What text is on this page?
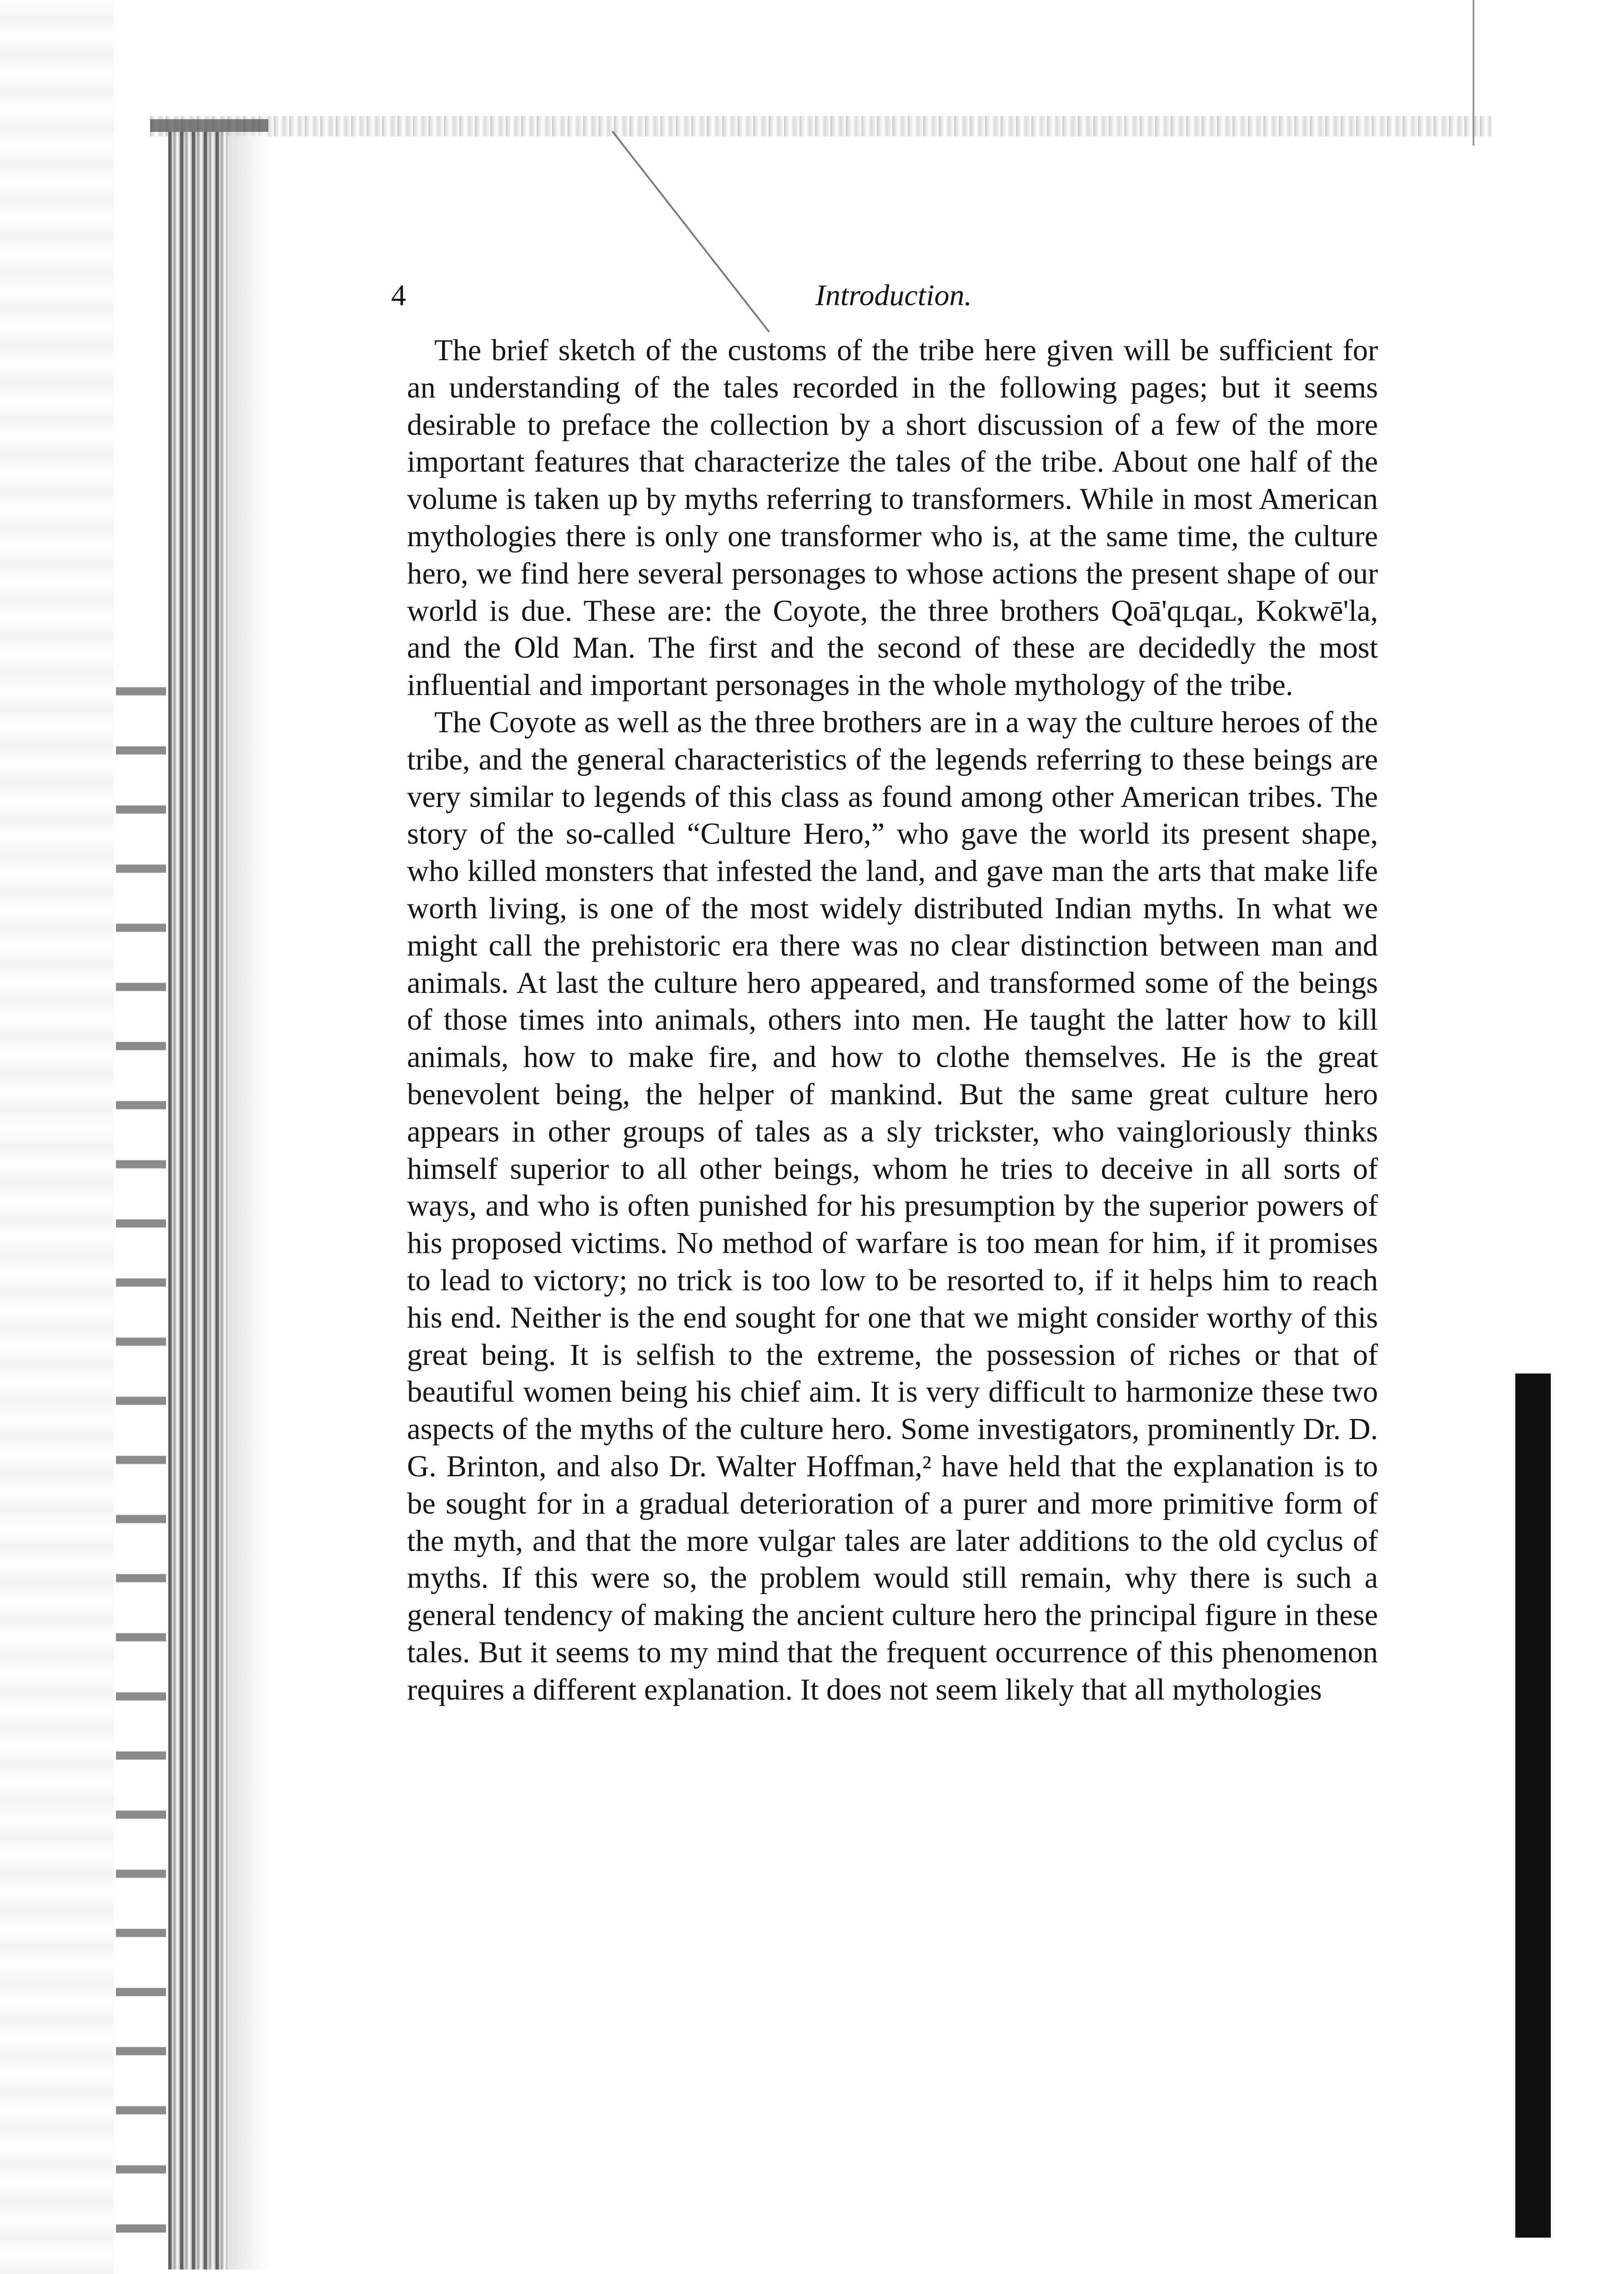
4	Introduction.

The brief sketch of the customs of the tribe here given will be sufficient for an understanding of the tales recorded in the following pages; but it seems desirable to preface the collection by a short discussion of a few of the more important features that characterize the tales of the tribe. About one half of the volume is taken up by myths referring to transformers. While in most American mythologies there is only one transformer who is, at the same time, the culture hero, we find here several personages to whose actions the present shape of our world is due. These are: the Coyote, the three brothers Qoā'qʟqaʟ, Kokwē'la, and the Old Man. The first and the second of these are decidedly the most influential and important personages in the whole mythology of the tribe.

The Coyote as well as the three brothers are in a way the culture heroes of the tribe, and the general characteristics of the legends referring to these beings are very similar to legends of this class as found among other American tribes. The story of the so-called “Culture Hero,” who gave the world its present shape, who killed monsters that infested the land, and gave man the arts that make life worth living, is one of the most widely distributed Indian myths. In what we might call the prehistoric era there was no clear distinction between man and animals. At last the culture hero appeared, and transformed some of the beings of those times into animals, others into men. He taught the latter how to kill animals, how to make fire, and how to clothe themselves. He is the great benevolent being, the helper of mankind. But the same great culture hero appears in other groups of tales as a sly trickster, who vaingloriously thinks himself superior to all other beings, whom he tries to deceive in all sorts of ways, and who is often punished for his presumption by the superior powers of his proposed victims. No method of warfare is too mean for him, if it promises to lead to victory; no trick is too low to be resorted to, if it helps him to reach his end. Neither is the end sought for one that we might consider worthy of this great being. It is selfish to the extreme, the possession of riches or that of beautiful women being his chief aim. It is very difficult to harmonize these two aspects of the myths of the culture hero. Some investigators, prominently Dr. D. G. Brinton, and also Dr. Walter Hoffman,² have held that the explanation is to be sought for in a gradual deterioration of a purer and more primitive form of the myth, and that the more vulgar tales are later additions to the old cyclus of myths. If this were so, the problem would still remain, why there is such a general tendency of making the ancient culture hero the principal figure in these tales. But it seems to my mind that the frequent occurrence of this phenomenon requires a different explanation. It does not seem likely that all mythologies
